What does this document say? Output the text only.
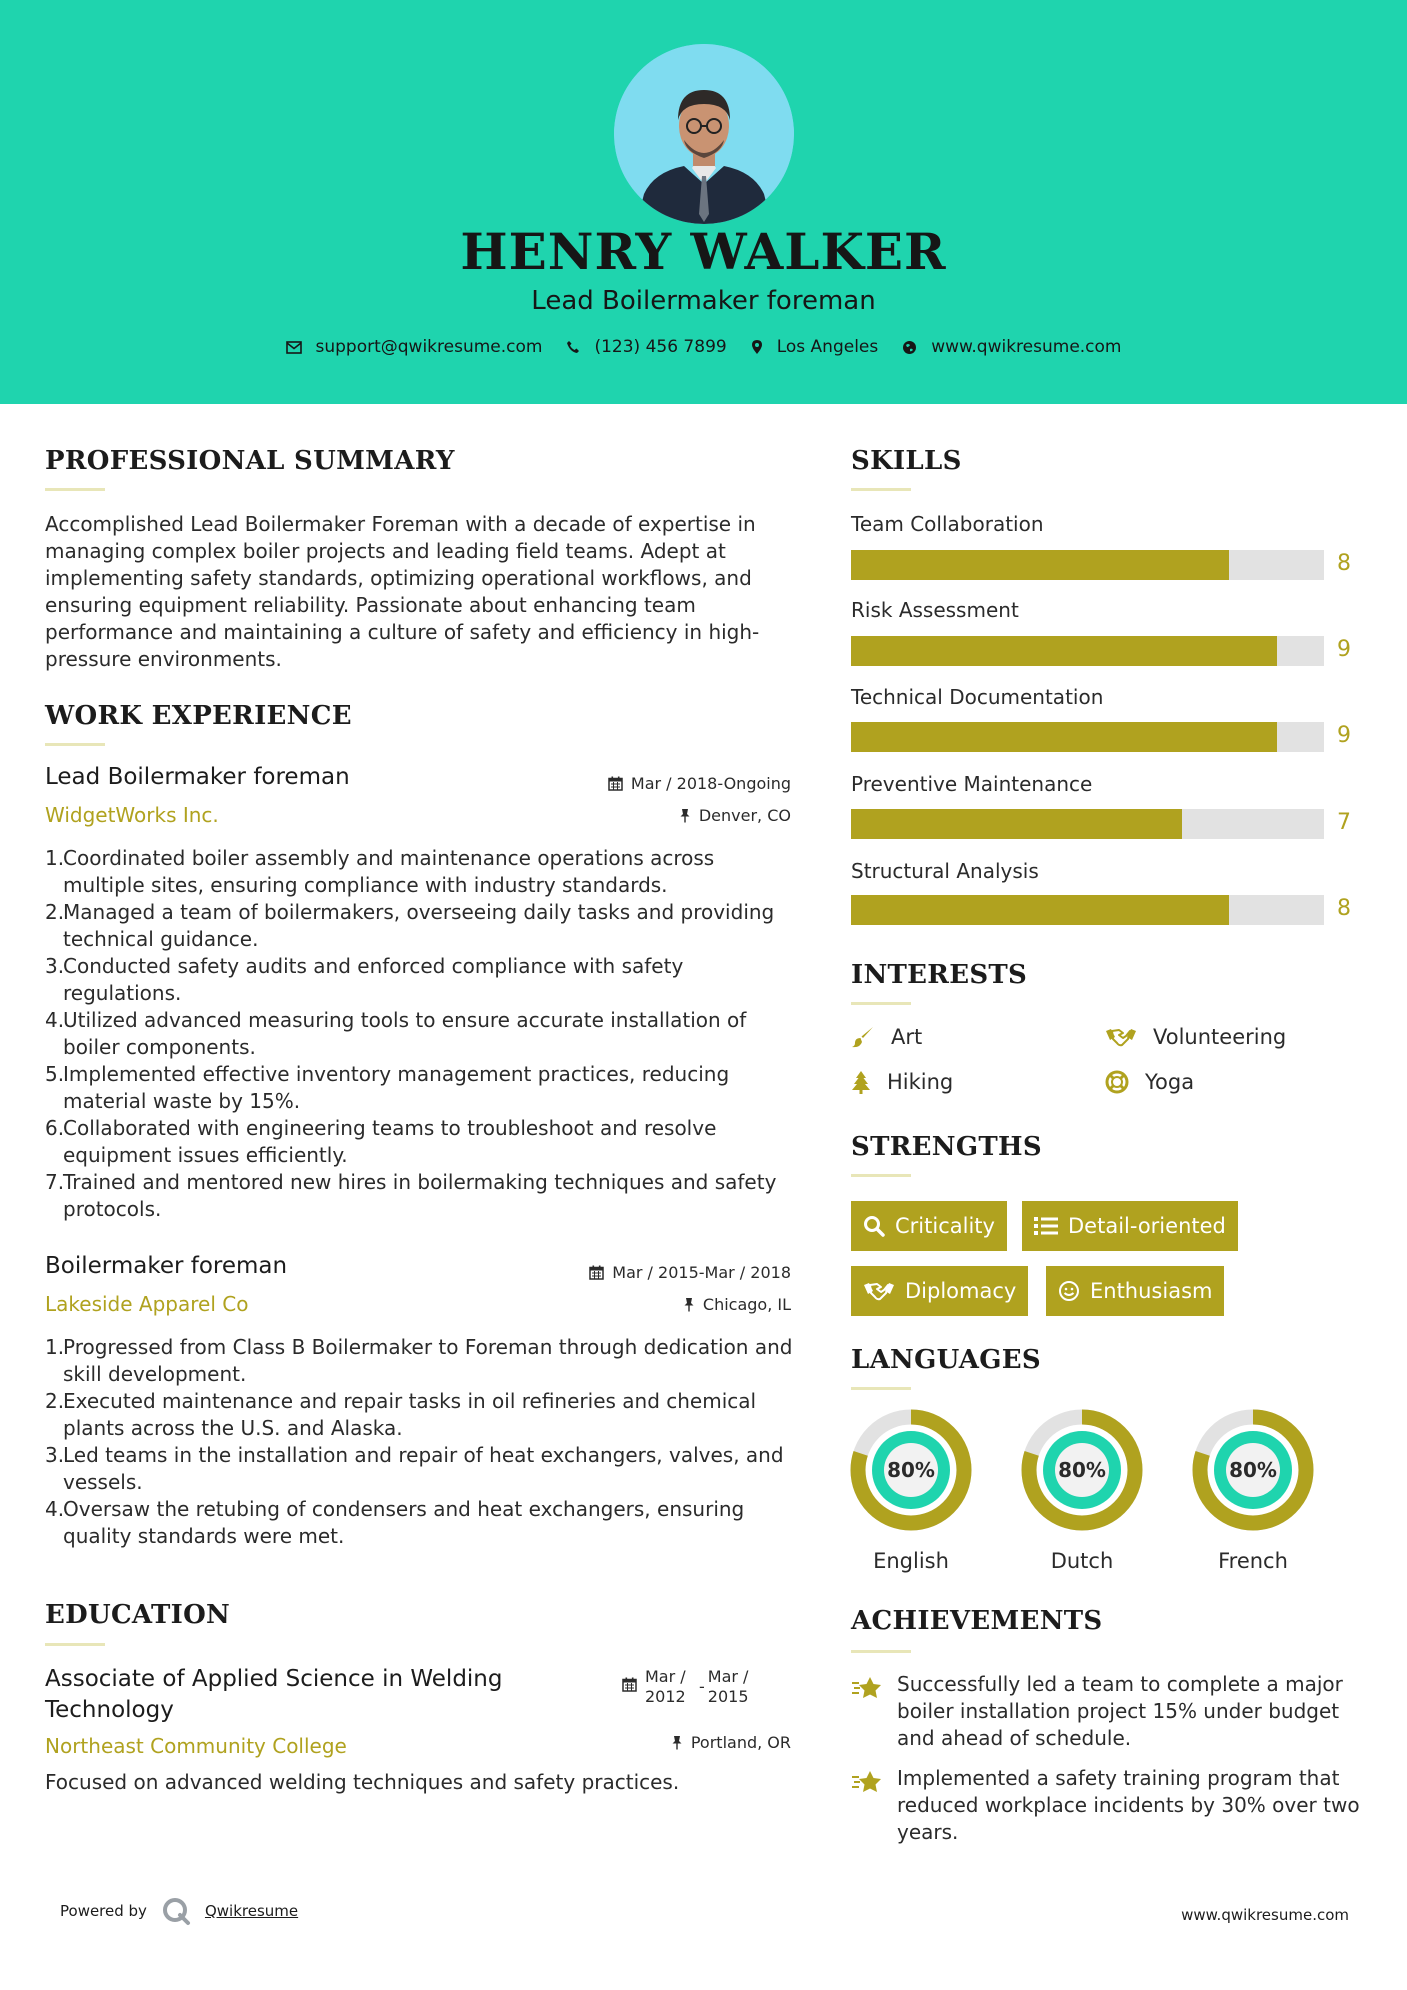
HENRY WALKER
Lead Boilermaker foreman
support@qwikresume.com	(123) 456 7899	Los Angeles	www.qwikresume.com
PROFESSIONAL SUMMARY
Accomplished Lead Boilermaker Foreman with a decade of expertise in managing complex boiler projects and leading field teams. Adept at implementing safety standards, optimizing operational workflows, and ensuring equipment reliability. Passionate about enhancing team performance and maintaining a culture of safety and efficiency in high-pressure environments.
WORK EXPERIENCE
Lead Boilermaker foreman	Mar / 2018-Ongoing
WidgetWorks Inc.	Denver, CO
1.
Coordinated boiler assembly and maintenance operations across multiple sites, ensuring compliance with industry standards.
2.
Managed a team of boilermakers, overseeing daily tasks and providing technical guidance.
3.
Conducted safety audits and enforced compliance with safety regulations.
4.
Utilized advanced measuring tools to ensure accurate installation of boiler components.
5.
Implemented effective inventory management practices, reducing material waste by 15%.
6.
Collaborated with engineering teams to troubleshoot and resolve equipment issues efficiently.
7.
Trained and mentored new hires in boilermaking techniques and safety protocols.
Boilermaker foreman	Mar / 2015-Mar / 2018
Lakeside Apparel Co	Chicago, IL
1.
Progressed from Class B Boilermaker to Foreman through dedication and skill development.
2.
Executed maintenance and repair tasks in oil refineries and chemical plants across the U.S. and Alaska.
3.
Led teams in the installation and repair of heat exchangers, valves, and vessels.
4.
Oversaw the retubing of condensers and heat exchangers, ensuring quality standards were met.
EDUCATION
Associate of Applied Science in Welding Technology
Mar / 2012
-
Mar / 2015
Northeast Community College	Portland, OR
Focused on advanced welding techniques and safety practices.
SKILLS
Team Collaboration
8
Risk Assessment
9
Technical Documentation
9
Preventive Maintenance
7
Structural Analysis
8
INTERESTS
Art	Volunteering
Hiking	Yoga
STRENGTHS
Criticality	Detail-oriented
Diplomacy	Enthusiasm
LANGUAGES
80%
English
80%
Dutch
80%
French
ACHIEVEMENTS
Successfully led a team to complete a major boiler installation project 15% under budget and ahead of schedule.
Implemented a safety training program that reduced workplace incidents by 30% over two years.
Powered by	Qwikresume	www.qwikresume.com
